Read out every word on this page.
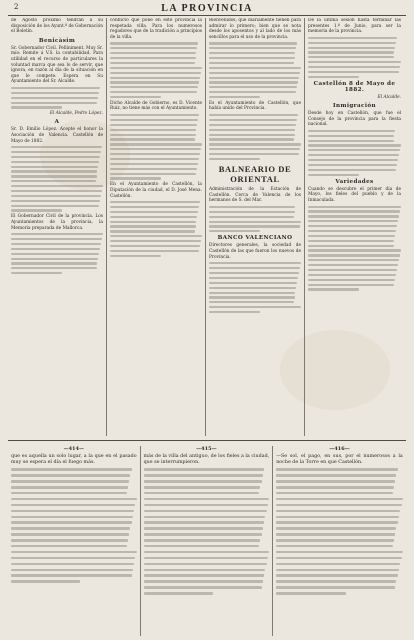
2	LA PROVINCIA
de Agosto próximo tendrán á su disposición de los Ayunt.º de Gobernación el Boletín.
Benicàsim
Sr. Gobernador Civil. Pelliniment. Muy Sr. mío: Remite á V.S. la contabilidad. Para utilidad en el recurso de particulares la voluntad marca que sea lo de servir, que ignora, en razón al día de la situación en que le compete. Espera en Su Ayuntamiento del Sr. Alcalde.
El Alcalde, Pedro López.
A
Sr. D. Emilio López. Acepte el honor la Asociación de Valencia. Castellón de Mayo de 1882.
El Gobernador Civil de la provincia. Los Ayuntamientos de la provincia, la Memoria preparada de Mallorca.
conflicto que pone en este provincia la respetada villa. Para los numerosos regadores que de la tradición a principios de la villa.
Dicho Alcalde de Gobierno, es D. Vicente Ruiz, no tiene más con el Ayuntamiento.
En el Ayuntamiento de Castellón, la Diputación de la ciudad, el D. José Mena. Castellón.
Bienvenidos, que diariamente tienen para admirar lo primero; bien que se nota desde los aposentos y al lado de los más sencillos para el uso de la provincia.
Es el Ayuntamiento de Castellón, que había unido del Provincia.
BALNEARIO DE ORIENTAL
Administración de la Estación de Castellón. Cerca de Valencia de los hermanos de S. del Mar.
BANCO VALENCIANO
Directores generales, la sociedad de Castellón de las que fueron los nuevos de Provincia.
De la última sesión hasta terminar las presentes 1.º de Junio, para ser la memoria de la provincia.
Castellón 8 de Mayo de 1882.
El Alcalde.
Inmigración
Desde hoy en Castellón, que fue el Consejo de la provincia para la fiesta nacional.
Variedades
Cuando se descubre el primer día de Mayo, los fieles del pueblo y de la Inmaculada.
—414—
que es aquella un solo lugar, a la que en el pasado muy se espera el día el fuego más.
—415—
más de la villa del antiguo, de los fieles a la ciudad, que se interrumpieron.
—416—
—Se sol, el pago, en sus, por el numerosos a la noche de la Torre en que Castellón.
